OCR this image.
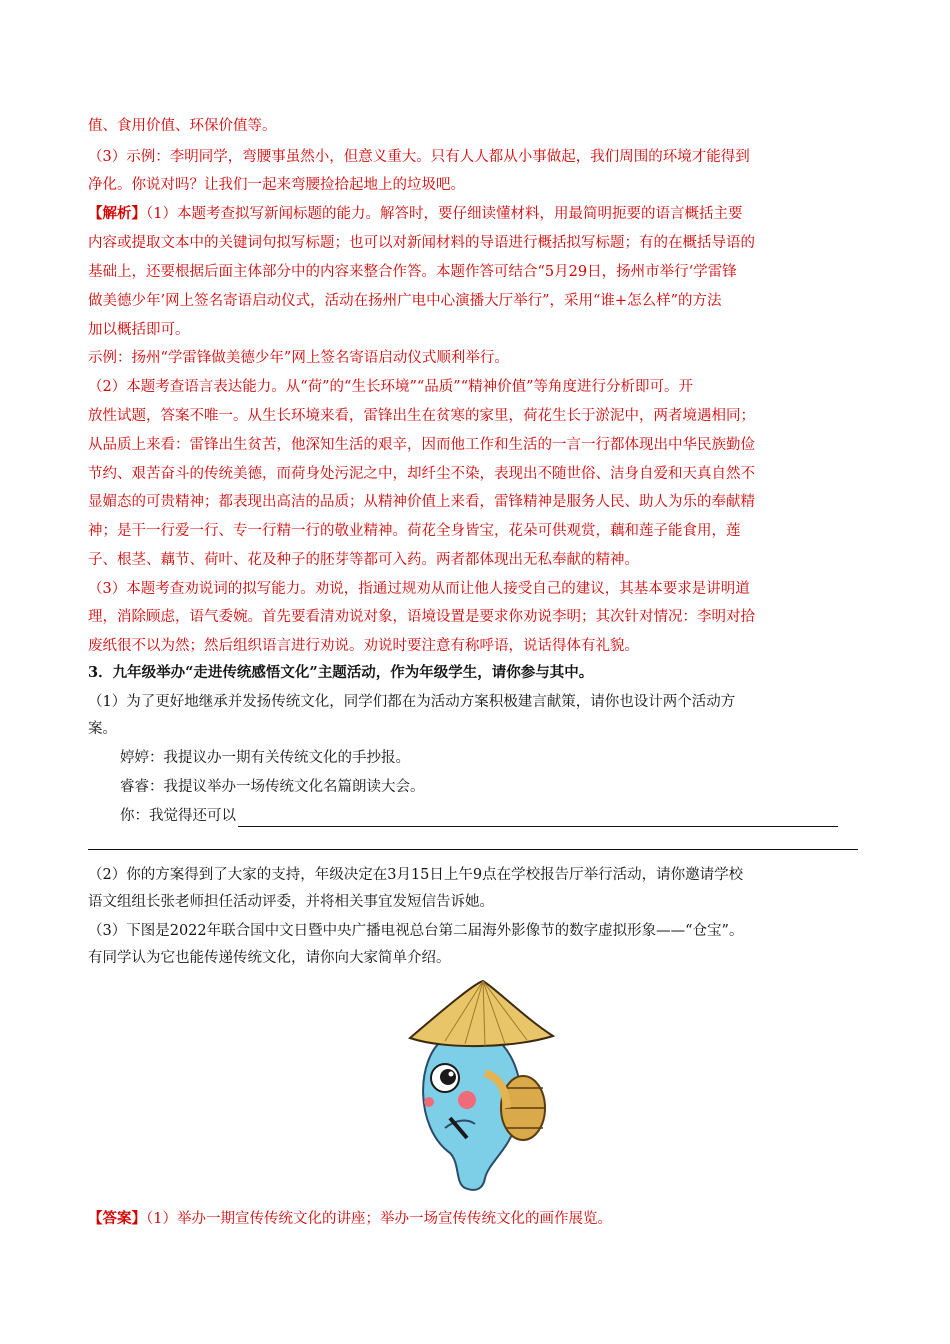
值、食用价值、环保价值等。
（3）示例：李明同学，弯腰事虽然小，但意义重大。只有人人都从小事做起，我们周围的环境才能得到
净化。你说对吗？让我们一起来弯腰捡拾起地上的垃圾吧。
【解析】（1）本题考查拟写新闻标题的能力。解答时，要仔细读懂材料，用最简明扼要的语言概括主要
内容或提取文本中的关键词句拟写标题；也可以对新闻材料的导语进行概括拟写标题；有的在概括导语的
基础上，还要根据后面主体部分中的内容来整合作答。本题作答可结合“5月29日，扬州市举行‘学雷锋
做美德少年’网上签名寄语启动仪式，活动在扬州广电中心演播大厅举行”，采用“谁+怎么样”的方法
加以概括即可。
示例：扬州“学雷锋做美德少年”网上签名寄语启动仪式顺利举行。
（2）本题考查语言表达能力。从“荷”的“生长环境”“品质”“精神价值”等角度进行分析即可。开
放性试题，答案不唯一。从生长环境来看，雷锋出生在贫寒的家里，荷花生长于淤泥中，两者境遇相同；
从品质上来看：雷锋出生贫苦，他深知生活的艰辛，因而他工作和生活的一言一行都体现出中华民族勤俭
节约、艰苦奋斗的传统美德，而荷身处污泥之中，却纤尘不染，表现出不随世俗、洁身自爱和天真自然不
显媚态的可贵精神；都表现出高洁的品质；从精神价值上来看，雷锋精神是服务人民、助人为乐的奉献精
神；是干一行爱一行、专一行精一行的敬业精神。荷花全身皆宝，花朵可供观赏，藕和莲子能食用，莲
子、根茎、藕节、荷叶、花及种子的胚芽等都可入药。两者都体现出无私奉献的精神。
（3）本题考查劝说词的拟写能力。劝说，指通过规劝从而让他人接受自己的建议，其基本要求是讲明道
理，消除顾虑，语气委婉。首先要看清劝说对象，语境设置是要求你劝说李明；其次针对情况：李明对拾
废纸很不以为然；然后组织语言进行劝说。劝说时要注意有称呼语，说话得体有礼貌。
3．九年级举办“走进传统感悟文化”主题活动，作为年级学生，请你参与其中。
（1）为了更好地继承并发扬传统文化，同学们都在为活动方案积极建言献策，请你也设计两个活动方
案。
婷婷：我提议办一期有关传统文化的手抄报。
睿睿：我提议举办一场传统文化名篇朗读大会。
你：我觉得还可以
（2）你的方案得到了大家的支持，年级决定在3月15日上午9点在学校报告厅举行活动，请你邀请学校
语文组组长张老师担任活动评委，并将相关事宜发短信告诉她。
（3）下图是2022年联合国中文日暨中央广播电视总台第二届海外影像节的数字虚拟形象——“仓宝”。
有同学认为它也能传递传统文化，请你向大家简单介绍。
【答案】（1）举办一期宣传传统文化的讲座；举办一场宣传传统文化的画作展览。
